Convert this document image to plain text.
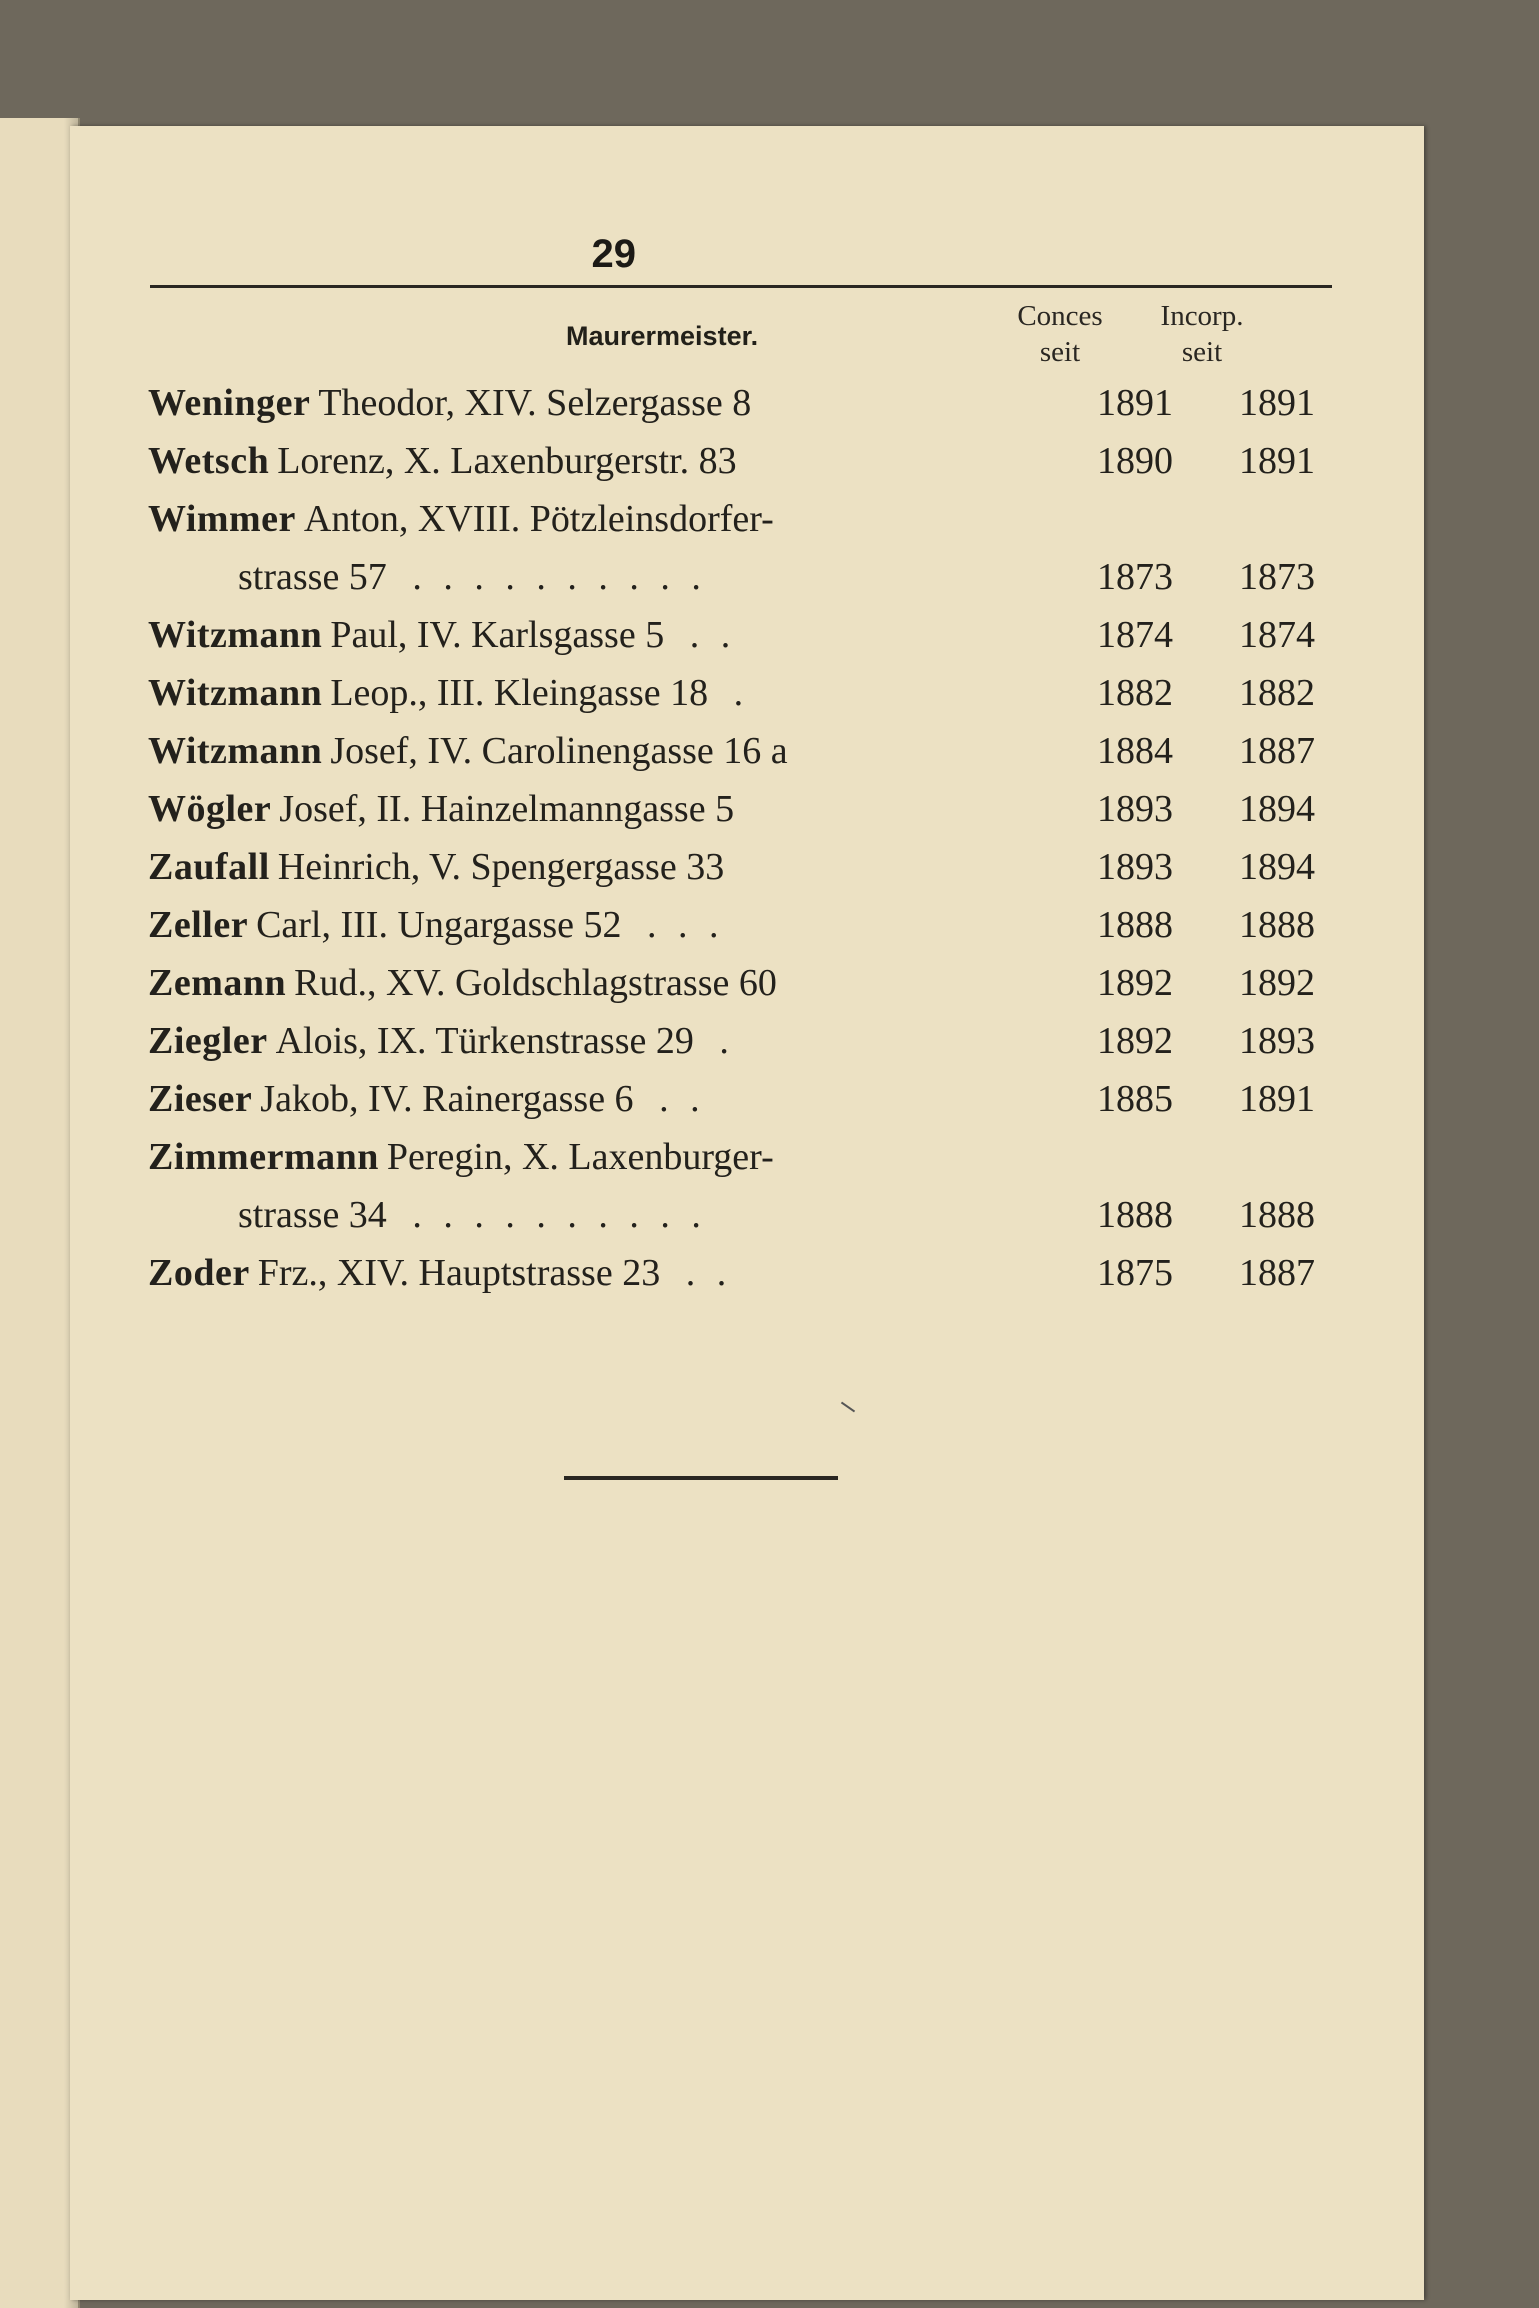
29
Maurermeister.
Conces
seit
Incorp.
seit
Weninger Theodor, XIV. Selzergasse 8	1891	1891
Wetsch Lorenz, X. Laxenburgerstr. 83	1890	1891
Wimmer Anton, XVIII. Pötzleinsdorfer-
strasse 57 . . . . . . . . . .	1873	1873
Witzmann Paul, IV. Karlsgasse 5 . .	1874	1874
Witzmann Leop., III. Kleingasse 18 .	1882	1882
Witzmann Josef, IV. Carolinengasse 16 a	1884	1887
Wögler Josef, II. Hainzelmanngasse 5	1893	1894
Zaufall Heinrich, V. Spengergasse 33	1893	1894
Zeller Carl, III. Ungargasse 52 . . .	1888	1888
Zemann Rud., XV. Goldschlagstrasse 60	1892	1892
Ziegler Alois, IX. Türkenstrasse 29 .	1892	1893
Zieser Jakob, IV. Rainergasse 6 . .	1885	1891
Zimmermann Peregin, X. Laxenburger-
strasse 34 . . . . . . . . . .	1888	1888
Zoder Frz., XIV. Hauptstrasse 23 . .	1875	1887
